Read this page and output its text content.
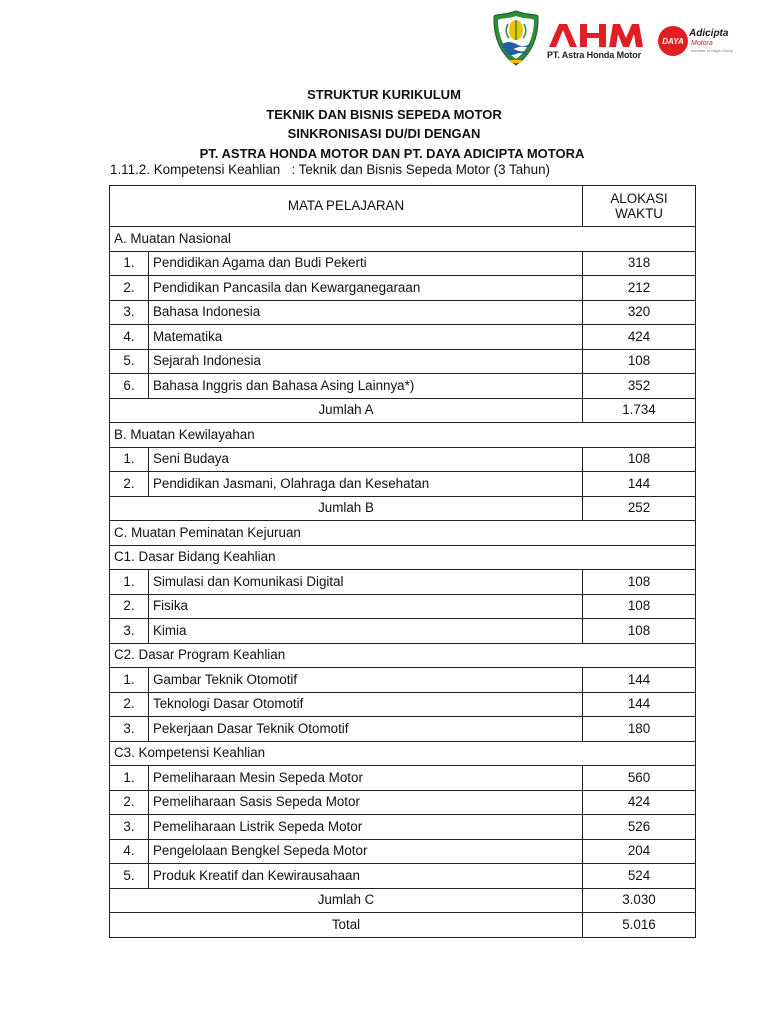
PT. Astra Honda Motor
DAYA
Adicipta
Motora
member of Daya Group
STRUKTUR KURIKULUM
TEKNIK DAN BISNIS SEPEDA MOTOR
SINKRONISASI DU/DI DENGAN
PT. ASTRA HONDA MOTOR DAN PT. DAYA ADICIPTA MOTORA
1.11.2. Kompetensi Keahlian : Teknik dan Bisnis Sepeda Motor (3 Tahun)
MATA PELAJARAN		ALOKASI
WAKTU

A. Muatan Nasional		
1.	Pendidikan Agama dan Budi Pekerti	318
2.	Pendidikan Pancasila dan Kewarganegaraan	212
3.	Bahasa Indonesia	320
4.	Matematika	424
5.	Sejarah Indonesia	108
6.	Bahasa Inggris dan Bahasa Asing Lainnya*)	352
Jumlah A		1.734
B. Muatan Kewilayahan		
1.	Seni Budaya	108
2.	Pendidikan Jasmani, Olahraga dan Kesehatan	144
Jumlah B		252
C. Muatan Peminatan Kejuruan		
C1. Dasar Bidang Keahlian		
1.	Simulasi dan Komunikasi Digital	108
2.	Fisika	108
3.	Kimia	108
C2. Dasar Program Keahlian		
1.	Gambar Teknik Otomotif	144
2.	Teknologi Dasar Otomotif	144
3.	Pekerjaan Dasar Teknik Otomotif	180
C3. Kompetensi Keahlian		
1.	Pemeliharaan Mesin Sepeda Motor	560
2.	Pemeliharaan Sasis Sepeda Motor	424
3.	Pemeliharaan Listrik Sepeda Motor	526
4.	Pengelolaan Bengkel Sepeda Motor	204
5.	Produk Kreatif dan Kewirausahaan	524
Jumlah C		3.030
Total		5.016
